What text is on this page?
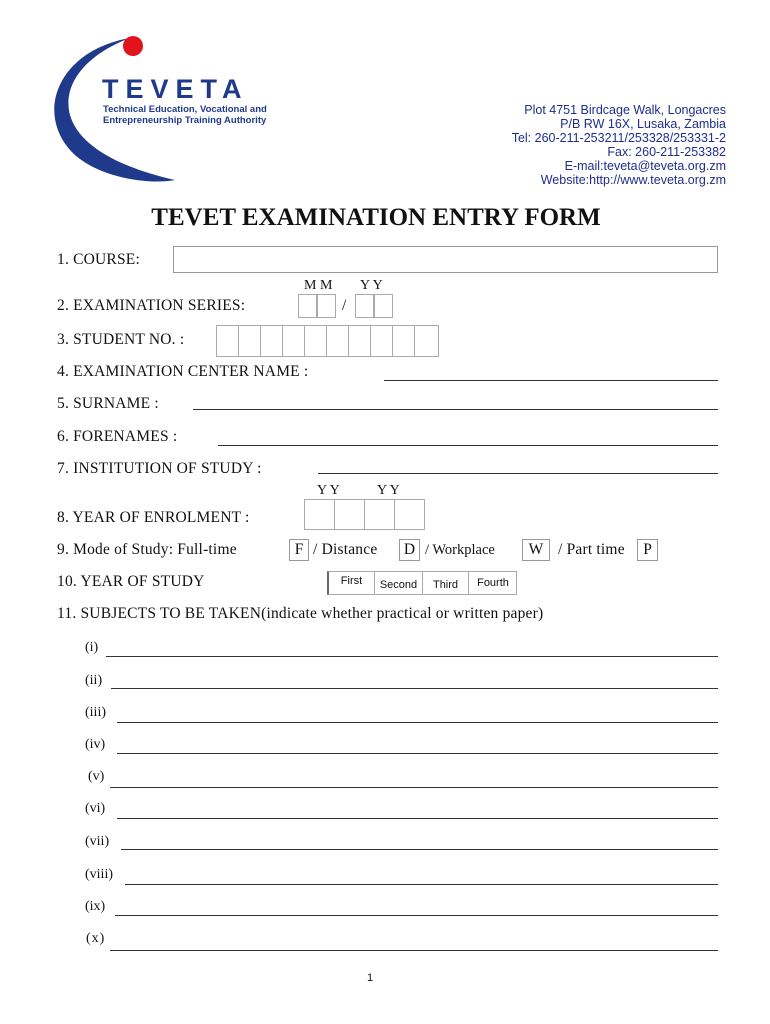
TEVETA
Technical Education, Vocational and
Entrepreneurship Training Authority
Plot 4751 Birdcage Walk, Longacres
P/B RW 16X, Lusaka, Zambia
Tel: 260-211-253211/253328/253331-2
Fax: 260-211-253382
E-mail:teveta@teveta.org.zm
Website:http://www.teveta.org.zm
TEVET EXAMINATION ENTRY FORM
1. COURSE:
M M Y Y
2. EXAMINATION SERIES:	/
3. STUDENT NO. :
4. EXAMINATION CENTER NAME :
5. SURNAME :
6. FORENAMES :
7. INSTITUTION OF STUDY :
Y Y	Y Y
8. YEAR OF ENROLMENT :
9. Mode of Study: Full-time	F / Distance	D / Workplace	W / Part time	P
10. YEAR OF STUDY	First	Second	Third	Fourth
11. SUBJECTS TO BE TAKEN(indicate whether practical or written paper)
(i)
(ii)
(iii)
(iv)
(v)
(vi)
(vii)
(viii)
(ix)
(x)
1
